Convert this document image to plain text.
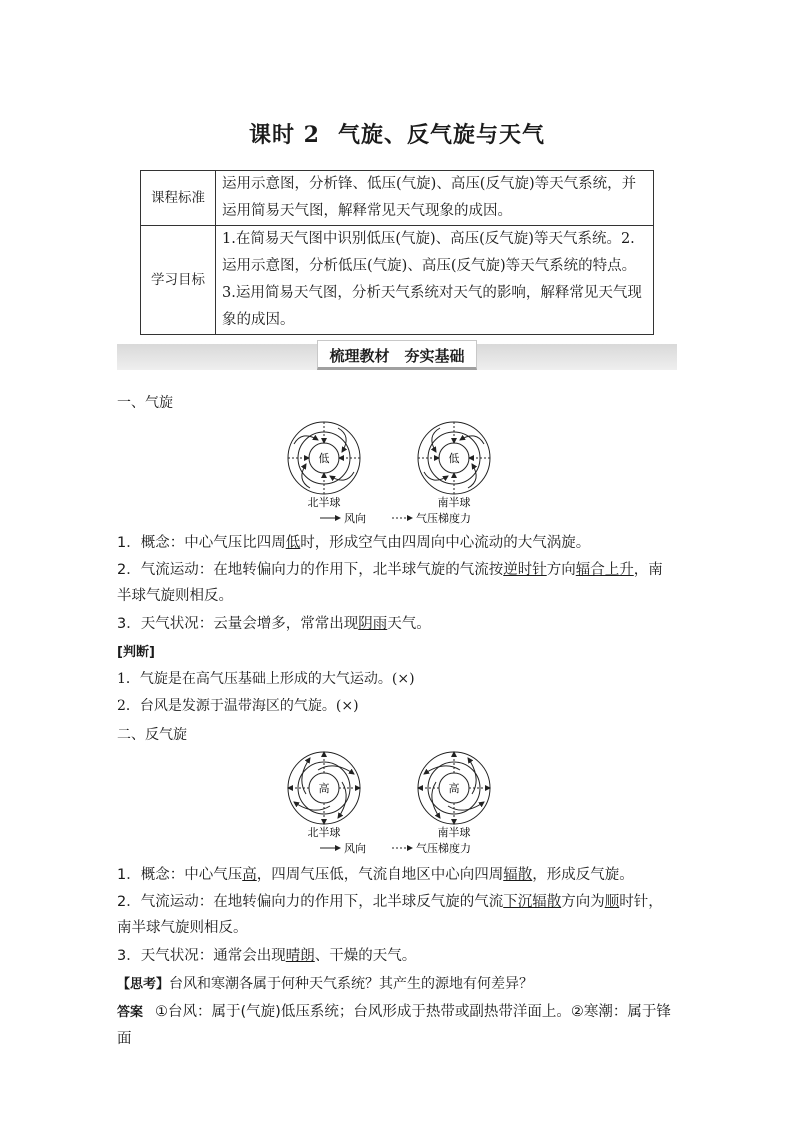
课时 2 气旋、反气旋与天气
课程标准	运用示意图，分析锋、低压(气旋)、高压(反气旋)等天气系统，并运用简易天气图，解释常见天气现象的成因。
学习目标	1.在简易天气图中识别低压(气旋)、高压(反气旋)等天气系统。2.运用示意图，分析低压(气旋)、高压(反气旋)等天气系统的特点。3.运用简易天气图，分析天气系统对天气的影响，解释常见天气现象的成因。
梳理教材　夯实基础
一、气旋
低	低
北半球	南半球
风向	气压梯度力
1．概念：中心气压比四周低时，形成空气由四周向中心流动的大气涡旋。
2．气流运动：在地转偏向力的作用下，北半球气旋的气流按逆时针方向辐合上升，南半球气旋则相反。
3．天气状况：云量会增多，常常出现阴雨天气。
[判断]
1．气旋是在高气压基础上形成的大气运动。(×)
2．台风是发源于温带海区的气旋。(×)
二、反气旋
高	高
北半球	南半球
风向	气压梯度力
1．概念：中心气压高，四周气压低，气流自地区中心向四周辐散，形成反气旋。
2．气流运动：在地转偏向力的作用下，北半球反气旋的气流下沉辐散方向为顺时针，南半球气旋则相反。
3．天气状况：通常会出现晴朗、干燥的天气。
【思考】台风和寒潮各属于何种天气系统？其产生的源地有何差异？
答案 ①台风：属于(气旋)低压系统；台风形成于热带或副热带洋面上。②寒潮：属于锋面
